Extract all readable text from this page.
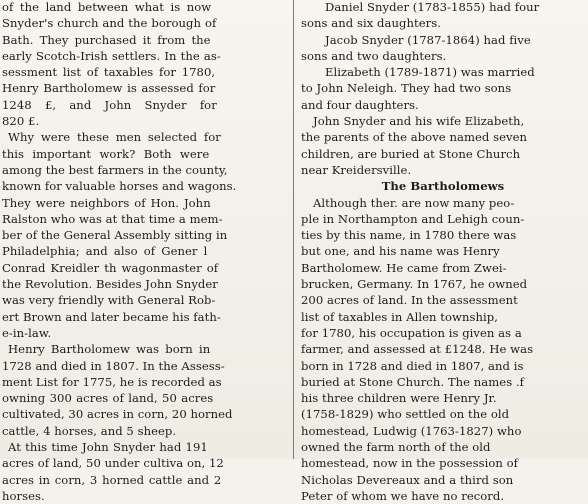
of the land between what is now
Snyder's church and the borough of
Bath. They purchased it from the
early Scotch-Irish settlers. In the as-
sessment list of taxables for 1780,
Henry Bartholomew is assessed for
1248 £, and John Snyder for
820 £.
Why were these men selected for
this important work? Both were
among the best farmers in the county,
known for valuable horses and wagons.
They were neighbors of Hon. John
Ralston who was at that time a mem-
ber of the General Assembly sitting in
Philadelphia; and also of Gener l
Conrad Kreidler th wagonmaster of
the Revolution. Besides John Snyder
was very friendly with General Rob-
ert Brown and later became his fath-
e-in-law.
Henry Bartholomew was born in
1728 and died in 1807. In the Assess-
ment List for 1775, he is recorded as
owning 300 acres of land, 50 acres
cultivated, 30 acres in corn, 20 horned
cattle, 4 horses, and 5 sheep.
At this time John Snyder had 191
acres of land, 50 under cultiva on, 12
acres in corn, 3 horned cattle and 2
horses.
Daniel Snyder (1783-1855) had four
sons and six daughters.
Jacob Snyder (1787-1864) had five
sons and two daughters.
Elizabeth (1789-1871) was married
to John Neleigh. They had two sons
and four daughters.
John Snyder and his wife Elizabeth,
the parents of the above named seven
children, are buried at Stone Church
near Kreidersville.
The Bartholomews
Although ther. are now many peo-
ple in Northampton and Lehigh coun-
ties by this name, in 1780 there was
but one, and his name was Henry
Bartholomew. He came from Zwei-
brucken, Germany. In 1767, he owned
200 acres of land. In the assessment
list of taxables in Allen township,
for 1780, his occupation is given as a
farmer, and assessed at £1248. He was
born in 1728 and died in 1807, and is
buried at Stone Church. The names .f
his three children were Henry Jr.
(1758-1829) who settled on the old
homestead, Ludwig (1763-1827) who
owned the farm north of the old
homestead, now in the possession of
Nicholas Devereaux and a third son
Peter of whom we have no record.
